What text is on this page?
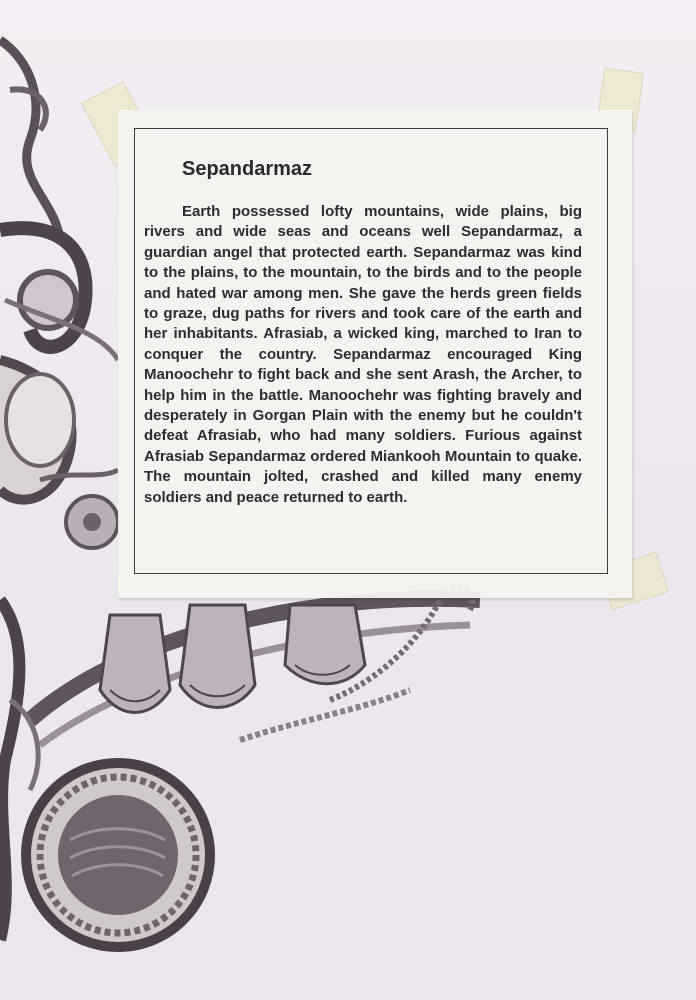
Sepandarmaz

Earth possessed lofty mountains, wide plains, big rivers and wide seas and oceans well Sepandarmaz, a guardian angel that protected earth. Sepandarmaz was kind to the plains, to the mountain, to the birds and to the people and hated war among men. She gave the herds green fields to graze, dug paths for rivers and took care of the earth and her inhabitants. Afrasiab, a wicked king, marched to Iran to conquer the country. Sepandarmaz encouraged King Manoochehr to fight back and she sent Arash, the Archer, to help him in the battle. Manoochehr was fighting bravely and desperately in Gorgan Plain with the enemy but he couldn't defeat Afrasiab, who had many soldiers. Furious against Afrasiab Sepandarmaz ordered Miankooh Mountain to quake. The mountain jolted, crashed and killed many enemy soldiers and peace returned to earth.
